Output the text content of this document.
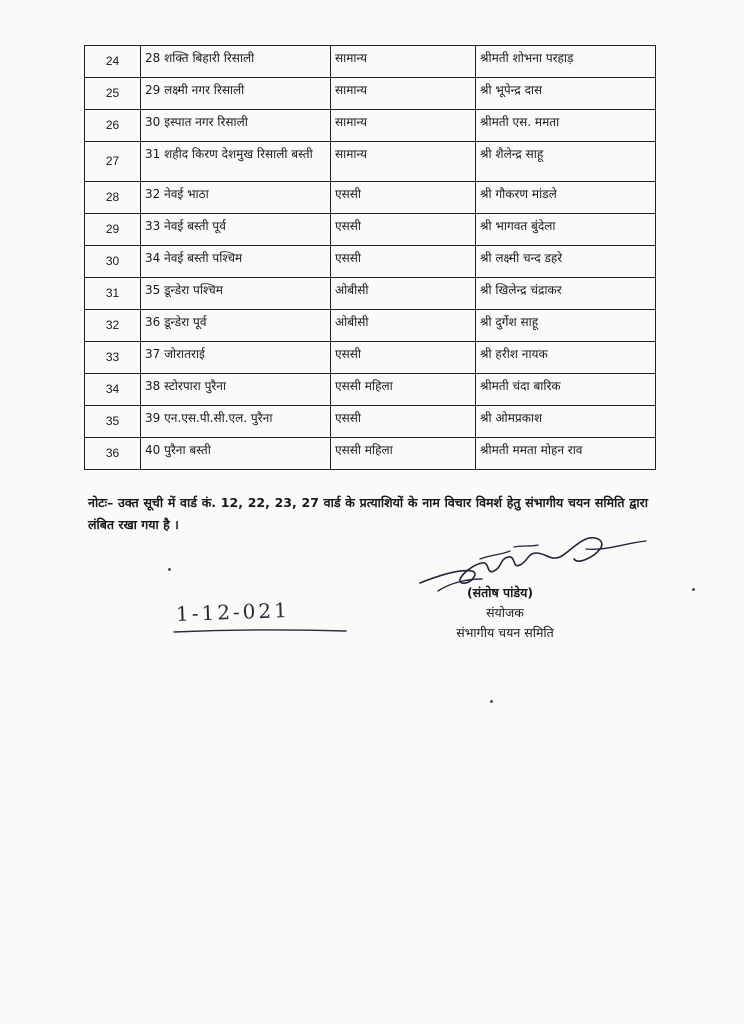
24	28 शक्ति बिहारी रिसाली	सामान्य	श्रीमती शोभना परहाड़
25	29 लक्ष्मी नगर रिसाली	सामान्य	श्री भूपेन्द्र दास
26	30 इस्पात नगर रिसाली	सामान्य	श्रीमती एस. ममता
27	31 शहीद किरण देशमुख रिसाली बस्ती	सामान्य	श्री शैलेन्द्र साहू
28	32 नेवई भाठा	एससी	श्री गौकरण मांडले
29	33 नेवई बस्ती पूर्व	एससी	श्री भागवत बुंदेला
30	34 नेवई बस्ती पश्चिम	एससी	श्री लक्ष्मी चन्द डहरे
31	35 डून्डेरा पश्चिम	ओबीसी	श्री खिलेन्द्र चंद्राकर
32	36 डून्डेरा पूर्व	ओबीसी	श्री दुर्गेश साहू
33	37 जोरातराई	एससी	श्री हरीश नायक
34	38 स्टोरपारा पुरैना	एससी महिला	श्रीमती चंदा बारिक
35	39 एन.एस.पी.सी.एल. पुरैना	एससी	श्री ओमप्रकाश
36	40 पुरैना बस्ती	एससी महिला	श्रीमती ममता मोहन राव
नोटः– उक्त सूची में वार्ड कं. 12, 22, 23, 27 वार्ड के प्रत्याशियों के नाम विचार विमर्श हेतु संभागीय चयन समिति द्वारा लंबित रखा गया है ।
(संतोष पांडेय)
संयोजक
संभागीय चयन समिति
1-12-021
